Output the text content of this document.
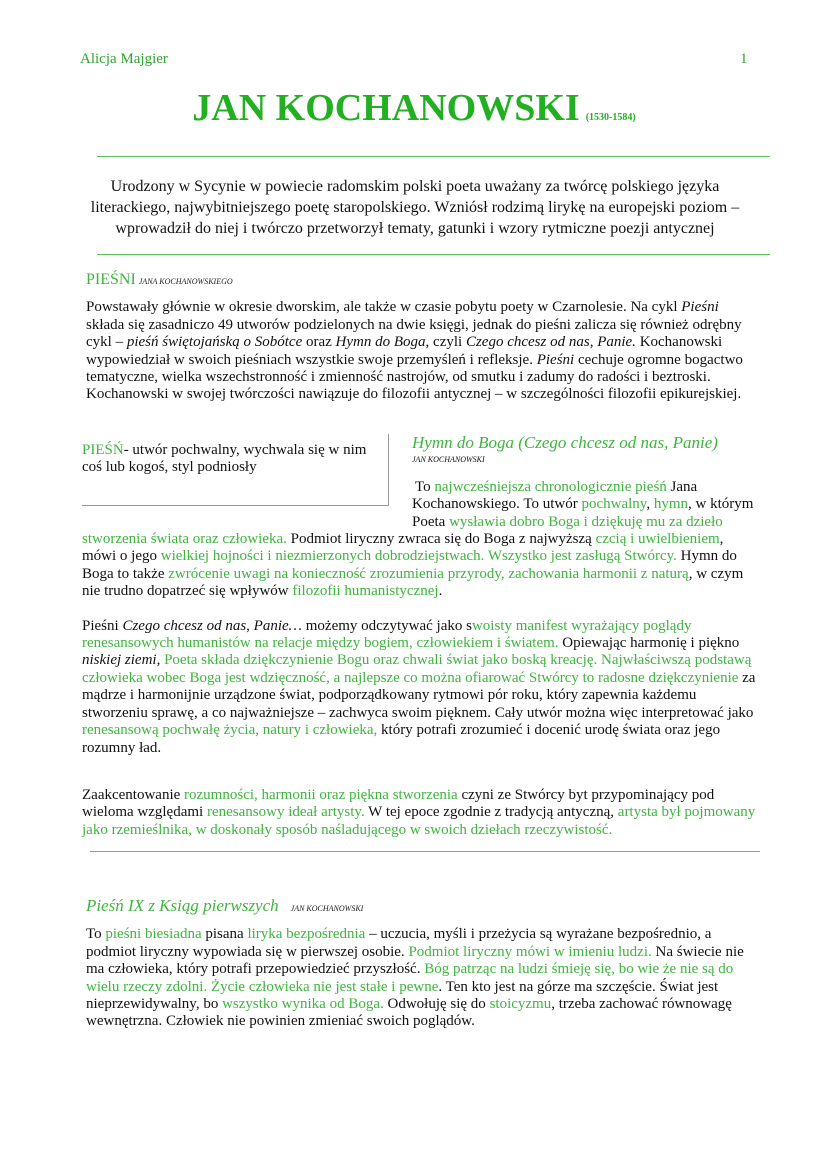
Alicja Majgier	1
JAN KOCHANOWSKI (1530-1584)
Urodzony w Sycynie w powiecie radomskim polski poeta uważany za twórcę polskiego języka literackiego, najwybitniejszego poetę staropolskiego. Wzniósł rodzimą lirykę na europejski poziom – wprowadził do niej i twórczo przetworzył tematy, gatunki i wzory rytmiczne poezji antycznej
PIEŚNI JANA KOCHANOWSKIEGO

Powstawały głównie w okresie dworskim, ale także w czasie pobytu poety w Czarnolesie. Na cykl Pieśni składa się zasadniczo 49 utworów podzielonych na dwie księgi, jednak do pieśni zalicza się również odrębny cykl – pieśń świętojańską o Sobótce oraz Hymn do Boga, czyli Czego chcesz od nas, Panie. Kochanowski wypowiedział w swoich pieśniach wszystkie swoje przemyśleń i refleksje. Pieśni cechuje ogromne bogactwo tematyczne, wielka wszechstronność i zmienność nastrojów, od smutku i zadumy do radości i beztroski. Kochanowski w swojej twórczości nawiązuje do filozofii antycznej – w szczególności filozofii epikurejskiej.

PIEŚŃ- utwór pochwalny, wychwala się w nim coś lub kogoś, styl podniosły
Hymn do Boga (Czego chcesz od nas, Panie)
JAN KOCHANOWSKI

To najwcześniejsza chronologicznie pieśń Jana Kochanowskiego. To utwór pochwalny, hymn, w którym Poeta wysławia dobro Boga i dziękuję mu za dzieło stworzenia świata oraz człowieka. Podmiot liryczny zwraca się do Boga z najwyższą czcią i uwielbieniem, mówi o jego wielkiej hojności i niezmierzonych dobrodziejstwach. Wszystko jest zasługą Stwórcy. Hymn do Boga to także zwrócenie uwagi na konieczność zrozumienia przyrody, zachowania harmonii z naturą, w czym nie trudno dopatrzeć się wpływów filozofii humanistycznej.

Pieśni Czego chcesz od nas, Panie… możemy odczytywać jako swoisty manifest wyrażający poglądy renesansowych humanistów na relacje między bogiem, człowiekiem i światem. Opiewając harmonię i piękno niskiej ziemi, Poeta składa dziękczynienie Bogu oraz chwali świat jako boską kreację. Najwłaściwszą podstawą człowieka wobec Boga jest wdzięczność, a najlepsze co można ofiarować Stwórcy to radosne dziękczynienie za mądrze i harmonijnie urządzone świat, podporządkowany rytmowi pór roku, który zapewnia każdemu stworzeniu sprawę, a co najważniejsze – zachwyca swoim pięknem. Cały utwór można więc interpretować jako renesansową pochwałę życia, natury i człowieka, który potrafi zrozumieć i docenić urodę świata oraz jego rozumny ład.

Zaakcentowanie rozumności, harmonii oraz piękna stworzenia czyni ze Stwórcy byt przypominający pod wieloma względami renesansowy ideał artysty. W tej epoce zgodnie z tradycją antyczną, artysta był pojmowany jako rzemieślnika, w doskonały sposób naśladującego w swoich dziełach rzeczywistość.

Pieśń IX z Ksiąg pierwszych JAN KOCHANOWSKI

To pieśni biesiadna pisana liryka bezpośrednia – uczucia, myśli i przeżycia są wyrażane bezpośrednio, a podmiot liryczny wypowiada się w pierwszej osobie. Podmiot liryczny mówi w imieniu ludzi. Na świecie nie ma człowieka, który potrafi przepowiedzieć przyszłość. Bóg patrząc na ludzi śmieję się, bo wie że nie są do wielu rzeczy zdolni. Życie człowieka nie jest stałe i pewne. Ten kto jest na górze ma szczęście. Świat jest nieprzewidywalny, bo wszystko wynika od Boga. Odwołuję się do stoicyzmu, trzeba zachować równowagę wewnętrzna. Człowiek nie powinien zmieniać swoich poglądów.
